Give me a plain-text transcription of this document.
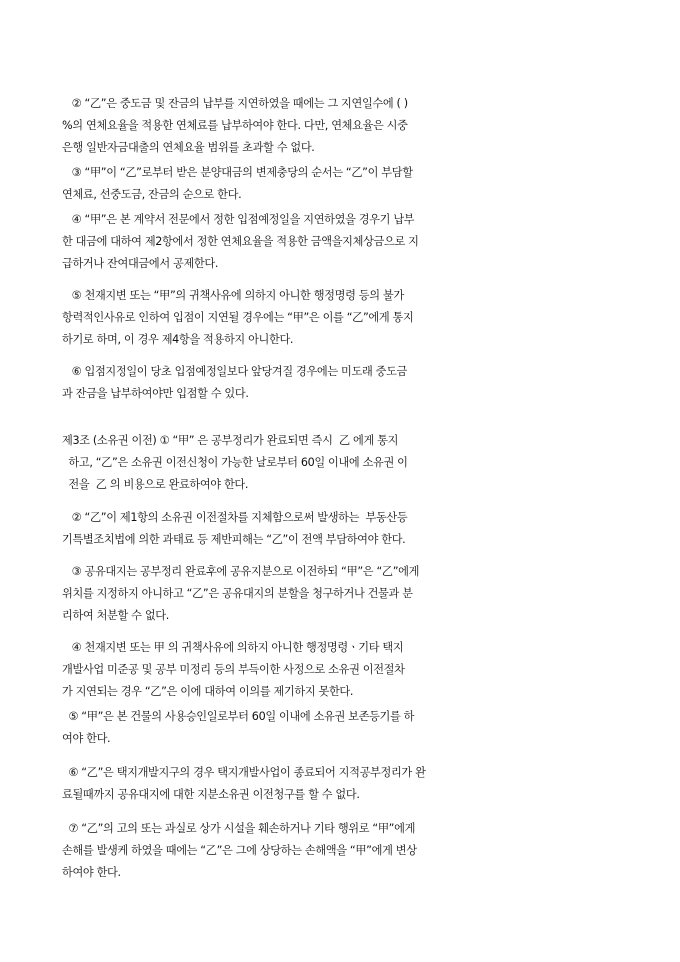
② “乙”은 중도금 및 잔금의 납부를 지연하였을 때에는 그 지연일수에 ( )
%의 연체요율을 적용한 연체료를 납부하여야 한다. 다만, 연체요율은 시중
은행 일반자금대출의 연체요율 범위를 초과할 수 없다.
③ “甲”이 “乙”로부터 받은 분양대금의 변제충당의 순서는 “乙”이 부담할
연체료, 선중도금, 잔금의 순으로 한다.
④ “甲”은 본 계약서 전문에서 정한 입점예정일을 지연하였을 경우기 납부
한 대금에 대하여 제2항에서 정한 연체요율을 적용한 금액을지체상금으로 지
급하거나 잔여대금에서 공제한다.
⑤ 천재지변 또는 “甲”의 귀책사유에 의하지 아니한 행정명령 등의 불가
항력적인사유로 인하여 입점이 지연될 경우에는 “甲”은 이를 “乙”에게 통지
하기로 하며, 이 경우 제4항을 적용하지 아니한다.
⑥ 입점지정일이 당초 입점예정일보다 앞당겨질 경우에는 미도래 중도금
과 잔금을 납부하여야만 입점할 수 있다.
제3조 (소유권 이전) ① “甲” 은 공부정리가 완료되면 즉시  乙 에게 통지
하고, “乙”은 소유권 이전신청이 가능한 날로부터 60일 이내에 소유권 이
전을  乙 의 비용으로 완료하여야 한다.
② “乙”이 제1항의 소유권 이전절차를 지체함으로써 발생하는  부동산등
기특별조치법에 의한 과태료 등 제반피해는 “乙”이 전액 부담하여야 한다.
③ 공유대지는 공부정리 완료후에 공유지분으로 이전하되 “甲”은 “乙”에게
위치를 지정하지 아니하고 “乙”은 공유대지의 분할을 청구하거나 건물과 분
리하여 처분할 수 없다.
④ 천재지변 또는 甲 의 귀책사유에 의하지 아니한 행정명령ㆍ기타 택지
개발사업 미준공 및 공부 미정리 등의 부득이한 사정으로 소유권 이전절차
가 지연되는 경우 “乙”은 이에 대하여 이의를 제기하지 못한다.
⑤ “甲”은 본 건물의 사용승인일로부터 60일 이내에 소유권 보존등기를 하
여야 한다.
⑥ “乙”은 택지개발지구의 경우 택지개발사업이 종료되어 지적공부정리가 완
료될때까지 공유대지에 대한 지분소유권 이전청구를 할 수 없다.
⑦ “乙”의 고의 또는 과실로 상가 시설을 훼손하거나 기타 행위로 “甲”에게
손해를 발생케 하였을 때에는 “乙”은 그에 상당하는 손해액을 “甲”에게 변상
하여야 한다.
